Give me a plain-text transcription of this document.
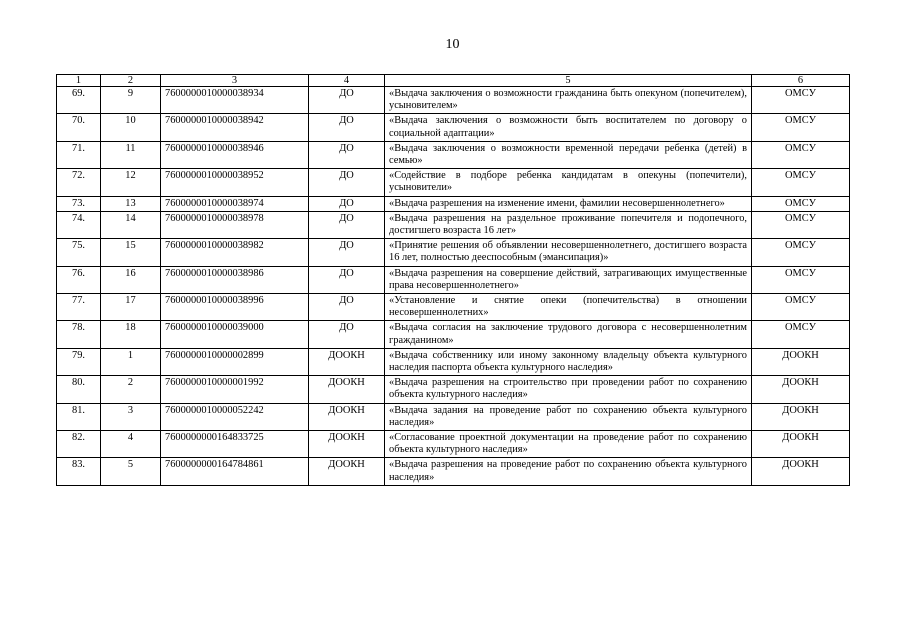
10
1	2	3	4	5	6
69.	9	7600000010000038934	ДО	«Выдача заключения о возможности гражданина быть опекуном (попечителем), усыновителем»	ОМСУ
70.	10	7600000010000038942	ДО	«Выдача заключения о возможности быть воспитателем по договору о социальной адаптации»	ОМСУ
71.	11	7600000010000038946	ДО	«Выдача заключения о возможности временной передачи ребенка (детей) в семью»	ОМСУ
72.	12	7600000010000038952	ДО	«Содействие в подборе ребенка кандидатам в опекуны (попечители), усыновители»	ОМСУ
73.	13	7600000010000038974	ДО	«Выдача разрешения на изменение имени, фамилии несовершеннолетнего»	ОМСУ
74.	14	7600000010000038978	ДО	«Выдача разрешения на раздельное проживание попечителя и подопечного, достигшего возраста 16 лет»	ОМСУ
75.	15	7600000010000038982	ДО	«Принятие решения об объявлении несовершеннолетнего, достигшего возраста 16 лет, полностью дееспособным (эмансипация)»	ОМСУ
76.	16	7600000010000038986	ДО	«Выдача разрешения на совершение действий, затрагивающих имущественные права несовершеннолетнего»	ОМСУ
77.	17	7600000010000038996	ДО	«Установление и снятие опеки (попечительства) в отношении несовершеннолетних»	ОМСУ
78.	18	7600000010000039000	ДО	«Выдача согласия на заключение трудового договора с несовершеннолетним гражданином»	ОМСУ
79.	1	7600000010000002899	ДООКН	«Выдача собственнику или иному законному владельцу объекта культурного наследия паспорта объекта культурного наследия»	ДООКН
80.	2	7600000010000001992	ДООКН	«Выдача разрешения на строительство при проведении работ по сохранению объекта культурного наследия»	ДООКН
81.	3	7600000010000052242	ДООКН	«Выдача задания на проведение работ по сохранению объекта культурного наследия»	ДООКН
82.	4	7600000000164833725	ДООКН	«Согласование проектной документации на проведение работ по сохранению объекта культурного наследия»	ДООКН
83.	5	7600000000164784861	ДООКН	«Выдача разрешения на проведение работ по сохранению объекта культурного наследия»	ДООКН
